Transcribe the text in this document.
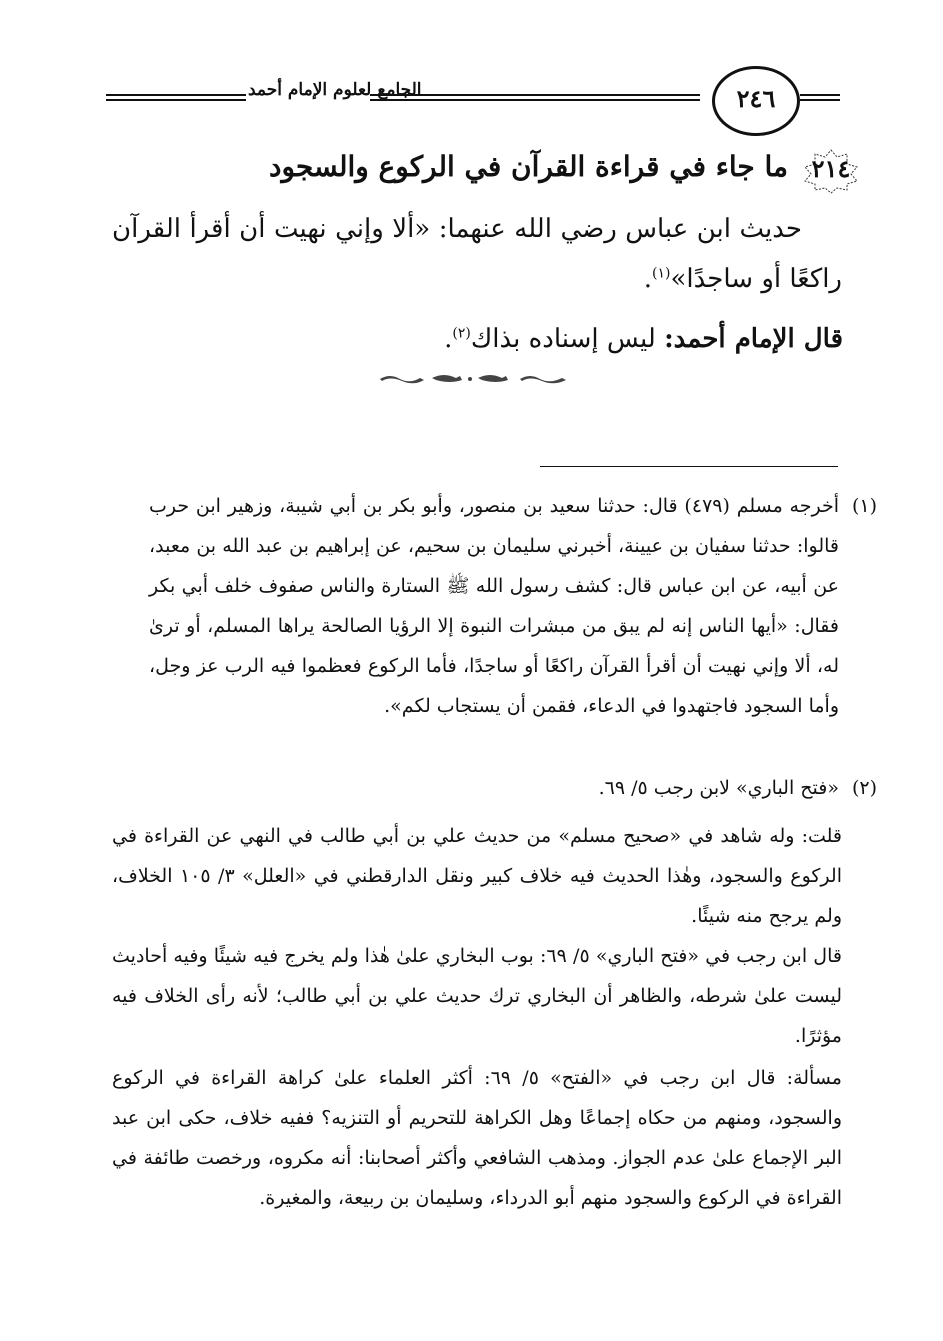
الجامع لعلوم الإمام أحمد	٢٤٦
٢١٤
ما جاء في قراءة القرآن في الركوع والسجود
حديث ابن عباس رضي الله عنهما: «ألا وإني نهيت أن أقرأ القرآن راكعًا أو ساجدًا»$^{(١)}$.
قال الإمام أحمد: ليس إسناده بذاك$^{(٢)}$.
(١)
أخرجه مسلم (٤٧٩) قال: حدثنا سعيد بن منصور، وأبو بكر بن أبي شيبة، وزهير ابن حرب قالوا: حدثنا سفيان بن عيينة، أخبرني سليمان بن سحيم، عن إبراهيم بن عبد الله بن معبد، عن أبيه، عن ابن عباس قال: كشف رسول الله ﷺ الستارة والناس صفوف خلف أبي بكر فقال: «أيها الناس إنه لم يبق من مبشرات النبوة إلا الرؤيا الصالحة يراها المسلم، أو ترىٰ له، ألا وإني نهيت أن أقرأ القرآن راكعًا أو ساجدًا، فأما الركوع فعظموا فيه الرب عز وجل، وأما السجود فاجتهدوا في الدعاء، فقمن أن يستجاب لكم».
(٢)
«فتح الباري» لابن رجب ٥/ ٦٩.
قلت: وله شاهد في «صحيح مسلم» من حديث علي بن أبي طالب في النهي عن القراءة في الركوع والسجود، وهٰذا الحديث فيه خلاف كبير ونقل الدارقطني في «العلل» ٣/ ١٠٥ الخلاف، ولم يرجح منه شيئًا.
قال ابن رجب في «فتح الباري» ٥/ ٦٩: بوب البخاري علىٰ هٰذا ولم يخرج فيه شيئًا وفيه أحاديث ليست علىٰ شرطه، والظاهر أن البخاري ترك حديث علي بن أبي طالب؛ لأنه رأى الخلاف فيه مؤثرًا.
مسألة: قال ابن رجب في «الفتح» ٥/ ٦٩: أكثر العلماء علىٰ كراهة القراءة في الركوع والسجود، ومنهم من حكاه إجماعًا وهل الكراهة للتحريم أو التنزيه؟ ففيه خلاف، حكى ابن عبد البر الإجماع علىٰ عدم الجواز. ومذهب الشافعي وأكثر أصحابنا: أنه مكروه، ورخصت طائفة في القراءة في الركوع والسجود منهم أبو الدرداء، وسليمان بن ربيعة، والمغيرة.
